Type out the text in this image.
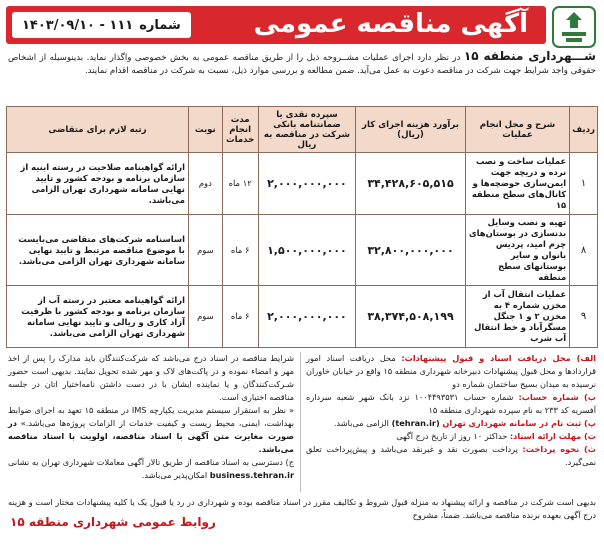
آگهی مناقصه عمومی
شماره
۱۴۰۳/۰۹/۱۰ - ۱۱۱
شـــهرداری منطقه ۱۵ در نظر دارد اجرای عملیات مشــروحه ذیل را از طریق مناقصه عمومی به بخش خصوصی واگذار نماید. بدینوسیله از اشخاص حقوقی واجد شرایط جهت شرکت در مناقصه دعوت به عمل می‌آید. ضمن مطالعه و بررسی موارد ذیل، نسبت به شرکت در مناقصه اقدام نمایند.
ردیف	شرح و محل انجام عملیات	برآورد هزینه اجرای کار (ریال)	سپرده نقدی یا ضمانتنامه بانکی شرکت در مناقصه به ریال	مدت انجام خدمات	نوبت	رتبه لازم برای متقاضی
۱	عملیات ساخت و نصب نرده و دریچه جهت ایمن‌سازی حوضچه‌ها و کانال‌های سطح منطقه ۱۵	۳۴,۴۲۸,۶۰۵,۵۱۵	۲,۰۰۰,۰۰۰,۰۰۰	۱۲ ماه	دوم	ارائه گواهینامه صلاحیت در رسته ابنیه از سازمان برنامه و بودجه کشور و تایید نهایی سامانه شهرداری تهران الزامی می‌باشد.
۸	تهیه و نصب وسایل بدنسازی در بوستان‌های چرم امید، پردیس بانوان و سایر بوستانهای سطح منطقه	۳۲,۸۰۰,۰۰۰,۰۰۰	۱,۵۰۰,۰۰۰,۰۰۰	۶ ماه	سوم	اساسنامه شرکت‌های متقاضی می‌بایست با موضوع مناقصه مرتبط و تایید نهایی سامانه شهرداری تهران الزامی می‌باشد.
۹	عملیات انتقال آب از مخزن شماره ۴ به مخزن ۲ و ۱ جنگل مسگرآباد و خط انتقال آب شرب	۳۸,۳۷۴,۵۰۸,۱۹۹	۲,۰۰۰,۰۰۰,۰۰۰	۶ ماه	سوم	ارائه گواهینامه معتبر در رسته آب از سازمان برنامه و بودجه کشور با ظرفیت آزاد کاری و ریالی و تایید نهایی سامانه شهرداری تهران الزامی می‌باشد.
الف) محل دریافت اسناد و قبول پیشنهادات: محل دریافت اسناد امور قراردادها و محل قبول پیشنهادات دبیرخانه شهرداری منطقه ۱۵ واقع در خیابان خاوران نرسیده به میدان بسیج ساختمان شماره دو
ب) شماره حساب: شماره حساب ۱۰۰۴۴۹۳۵۳۱ نزد بانک شهر شعبه سرداره آفسریه کد ۲۳۳ به نام سپرده شهرداری منطقه ۱۵
پ) ثبت نام در سامانه شهرداری تهران (tehran.ir) الزامی می‌باشد.
ت) مهلت ارائه اسناد: حداکثر ۱۰ روز از تاریخ درج آگهی
ث) نحوه پرداخت: پرداخت بصورت نقد و غیرنقد می‌باشد و پیش‌پرداخت تعلق نمی‌گیرد.
شرایط مناقصه در اسناد درج می‌باشد که شرکت‌کنندگان باید مدارک را پس از اخذ مهر و امضاء نموده و در پاکت‌های لاک و مهر شده تحویل نمایند. بدیهی است حضور شـرکت‌کنندگان و یا نماینده ایشان با در دست داشتن نامه‌اختیار اتان در جلسه مناقصه اختیاری است.
« نظر به استقرار سیستم مدیریت یکپارچه IMS در منطقه ۱۵ تعهد به اجرای ضوابط بهداشت، ایمنی، محیط زیست و کیفیت خدمات از الزامات پروژه‌ها می‌باشد.» در صورت مغایرت متن آگهی با اسناد مناقصه، اولویت با اسناد مناقصه می‌باشد.
ج) دسترسی به اسناد مناقصه از طریق تالار آگهی معاملات شهرداری تهران به نشانی business.tehran.ir امکان‌پذیر می‌باشد.
بدیهی است شرکت در مناقصه و ارائه پیشنهاد به منزله قبول شروط و تکالیف مقرر در اسناد مناقصه بوده و شهرداری در رد یا قبول یک یا کلیه پیشنهادات مختار است و هزینه درج آگهی بعهده برنده مناقصه می‌باشد. ضمناً، مشروح
روابط عمومی شهرداری منطقه ۱۵
